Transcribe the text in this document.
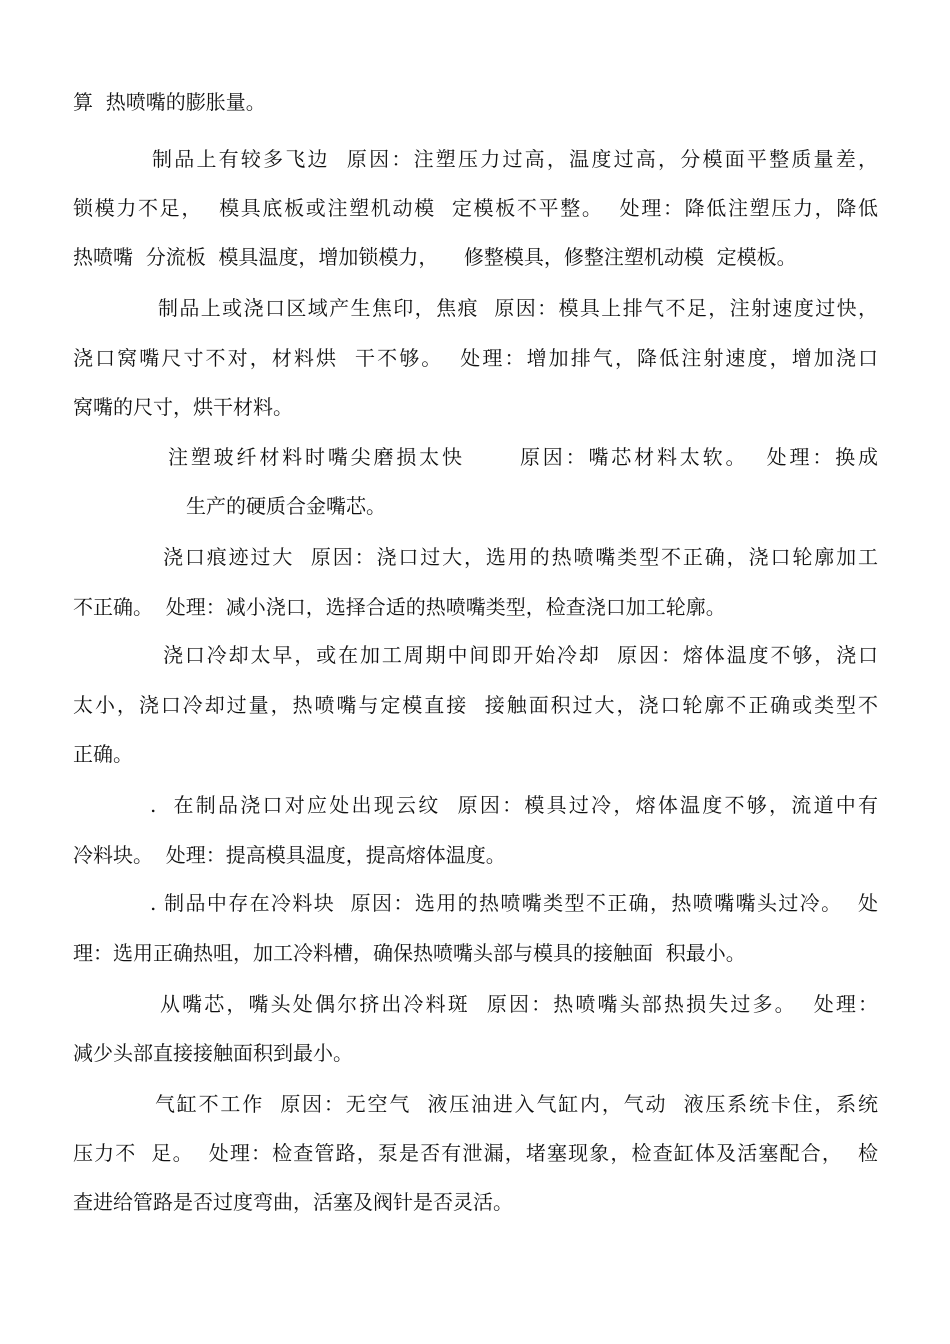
算  热喷嘴的膨胀量。

制品上有较多飞边  原因：注塑压力过高，温度过高，分模面平整质量差，

锁模力不足，  模具底板或注塑机动模  定模板不平整。  处理：降低注塑压力，降低

热喷嘴  分流板  模具温度，增加锁模力，    修整模具，修整注塑机动模  定模板。

制品上或浇口区域产生焦印，焦痕  原因：模具上排气不足，注射速度过快，

浇口窝嘴尺寸不对，材料烘  干不够。  处理：增加排气，降低注射速度，增加浇口

窝嘴的尺寸，烘干材料。

注塑玻纤材料时嘴尖磨损太快      原因：嘴芯材料太软。  处理：换成

生产的硬质合金嘴芯。

浇口痕迹过大  原因：浇口过大，选用的热喷嘴类型不正确，浇口轮廓加工

不正确。  处理：减小浇口，选择合适的热喷嘴类型，检查浇口加工轮廓。

浇口冷却太早，或在加工周期中间即开始冷却  原因：熔体温度不够，浇口

太小，浇口冷却过量，热喷嘴与定模直接  接触面积过大，浇口轮廓不正确或类型不

正确。

.  在制品浇口对应处出现云纹  原因：模具过冷，熔体温度不够，流道中有

冷料块。  处理：提高模具温度，提高熔体温度。

. 制品中存在冷料块  原因：选用的热喷嘴类型不正确，热喷嘴嘴头过冷。  处

理：选用正确热咀，加工冷料槽，确保热喷嘴头部与模具的接触面  积最小。

从嘴芯，嘴头处偶尔挤出冷料斑  原因：热喷嘴头部热损失过多。  处理：

减少头部直接接触面积到最小。

气缸不工作  原因：无空气  液压油进入气缸内，气动  液压系统卡住，系统

压力不  足。  处理：检查管路，泵是否有泄漏，堵塞现象，检查缸体及活塞配合，  检

查进给管路是否过度弯曲，活塞及阀针是否灵活。
